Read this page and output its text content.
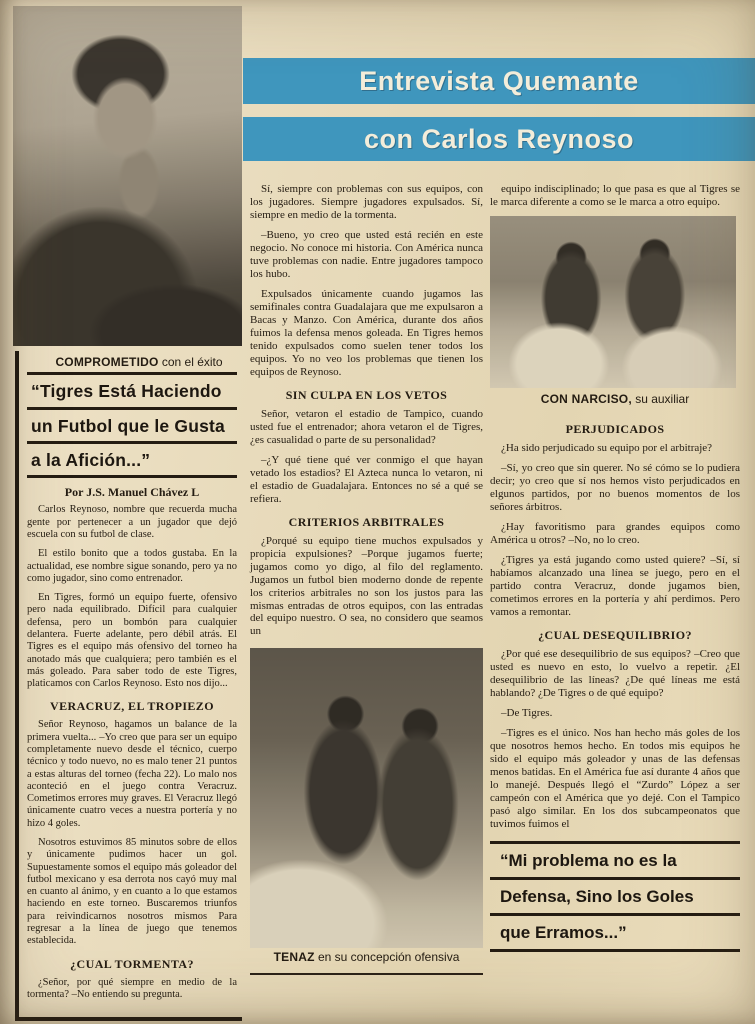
Entrevista Quemante
con Carlos Reynoso
COMPROMETIDO con el éxito
“Tigres Está Haciendo
un Futbol que le Gusta
a la Afición...”
Por J.S. Manuel Chávez L

Carlos Reynoso, nombre que recuerda mucha gente por pertenecer a un jugador que dejó escuela con su futbol de clase.

El estilo bonito que a todos gustaba. En la actualidad, ese nombre sigue sonando, pero ya no como jugador, sino como entrenador.

En Tigres, formó un equipo fuerte, ofensivo pero nada equilibrado. Difícil para cualquier defensa, pero un bombón para cualquier delantera. Fuerte adelante, pero débil atrás. El Tigres es el equipo más ofensivo del torneo ha anotado más que cualquiera; pero también es el más goleado. Para saber todo de este Tigres, platicamos con Carlos Reynoso. Esto nos dijo...

VERACRUZ, EL TROPIEZO

Señor Reynoso, hagamos un balance de la primera vuelta... –Yo creo que para ser un equipo completamente nuevo desde el técnico, cuerpo técnico y todo nuevo, no es malo tener 21 puntos a estas alturas del torneo (fecha 22). Lo malo nos aconteció en el juego contra Veracruz. Cometimos errores muy graves. El Veracruz llegó únicamente cuatro veces a nuestra portería y no hizo 4 goles.

Nosotros estuvimos 85 minutos sobre de ellos y únicamente pudimos hacer un gol. Supuestamente somos el equipo más goleador del futbol mexicano y esa derrota nos cayó muy mal en cuanto al ánimo, y en cuanto a lo que estamos haciendo en este torneo. Buscaremos triunfos para reivindicarnos nosotros mismos Para regresar a la línea de juego que tenemos establecida.

¿CUAL TORMENTA?

¿Señor, por qué siempre en medio de la tormenta? –No entiendo su pregunta.

Sí, siempre con problemas con sus equipos, con los jugadores. Siempre jugadores expulsados. Sí, siempre en medio de la tormenta.

–Bueno, yo creo que usted está recién en este negocio. No conoce mi historia. Con América nunca tuve problemas con nadie. Entre jugadores tampoco los hubo.

Expulsados únicamente cuando jugamos las semifinales contra Guadalajara que me expulsaron a Bacas y Manzo. Con América, durante dos años fuimos la defensa menos goleada. En Tigres hemos tenido expulsados como suelen tener todos los equipos. Yo no veo los problemas que tienen los equipos de Reynoso.

SIN CULPA EN LOS VETOS

Señor, vetaron el estadio de Tampico, cuando usted fue el entrenador; ahora vetaron el de Tigres, ¿es casualidad o parte de su personalidad?

–¿Y qué tiene qué ver conmigo el que hayan vetado los estadios? El Azteca nunca lo vetaron, ni el estadio de Guadalajara. Entonces no sé a qué se refiera.

CRITERIOS ARBITRALES

¿Porqué su equipo tiene muchos expulsados y propicia expulsiones? –Porque jugamos fuerte; jugamos como yo digo, al filo del reglamento. Jugamos un futbol bien moderno donde de repente los criterios arbitrales no son los justos para las mismas entradas de otros equipos, con las entradas del equipo nuestro. O sea, no considero que seamos un

TENAZ en su concepción ofensiva

equipo indisciplinado; lo que pasa es que al Tigres se le marca diferente a como se le marca a otro equipo.

CON NARCISO, su auxiliar
PERJUDICADOS

¿Ha sido perjudicado su equipo por el arbitraje?

–Sí, yo creo que sin querer. No sé cómo se lo pudiera decir; yo creo que sí nos hemos visto perjudicados en elgunos partidos, por no buenos momentos de los señores árbitros.

¿Hay favoritismo para grandes equipos como América u otros? –No, no lo creo.

¿Tigres ya está jugando como usted quiere? –Sí, sí habíamos alcanzado una línea se juego, pero en el partido contra Veracruz, donde jugamos bien, cometimos errores en la portería y ahí perdimos. Pero vamos a remontar.

¿CUAL DESEQUILIBRIO?

¿Por qué ese desequilibrio de sus equipos? –Creo que usted es nuevo en esto, lo vuelvo a repetir. ¿El desequilibrio de las líneas? ¿De qué líneas me está hablando? ¿De Tigres o de qué equipo?

–De Tigres.

–Tigres es el único. Nos han hecho más goles de los que nosotros hemos hecho. En todos mis equipos he sido el equipo más goleador y unas de las defensas menos batidas. En el América fue así durante 4 años que lo manejé. Después llegó el “Zurdo” López a ser campeón con el América que yo dejé. Con el Tampico pasó algo similar. En los dos subcampeonatos que tuvimos fuimos el

“Mi problema no es la
Defensa, Sino los Goles
que Erramos...”
